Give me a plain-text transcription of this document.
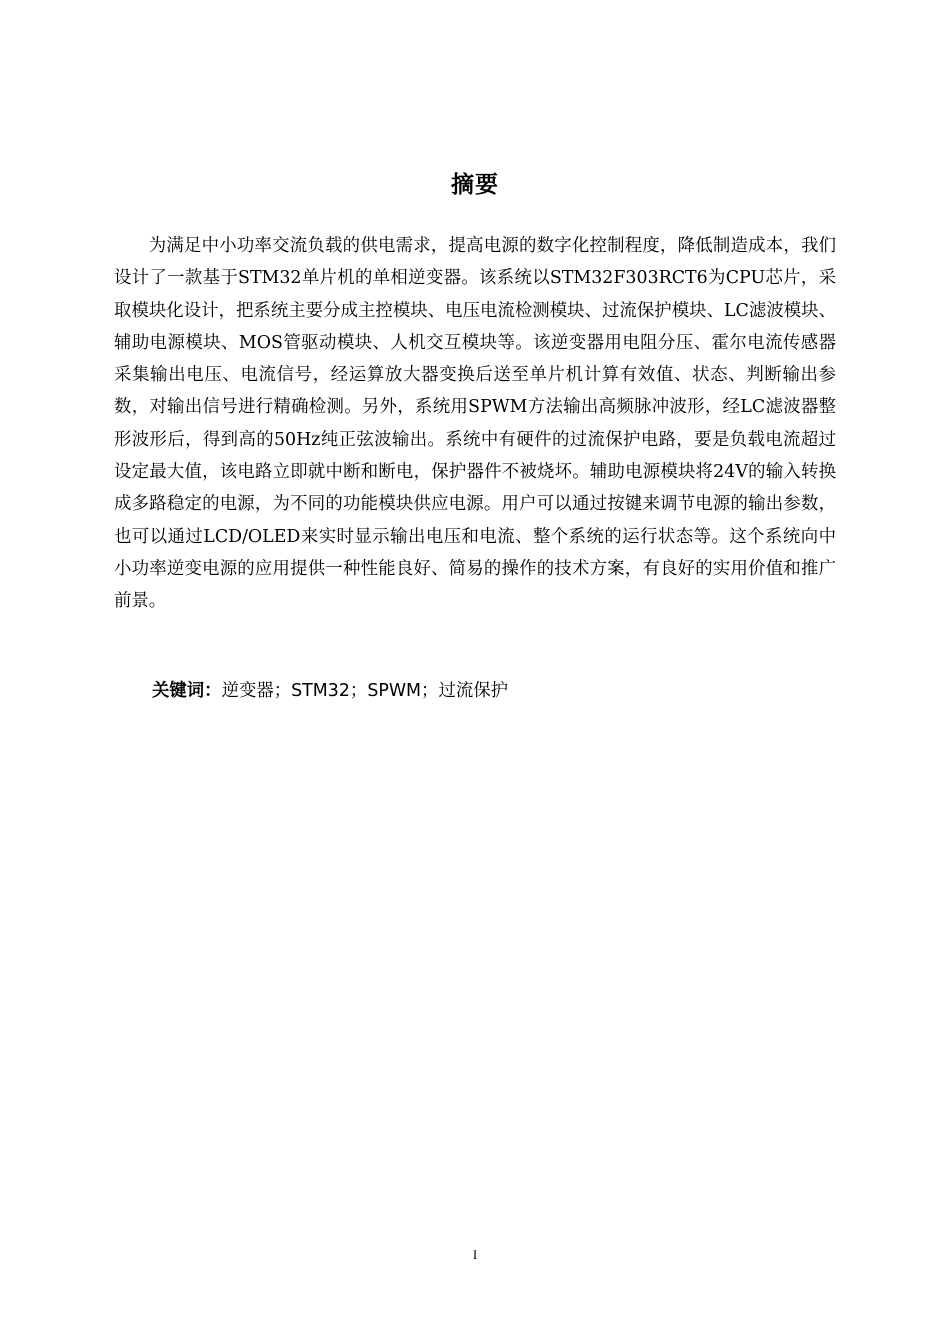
摘要

为满足中小功率交流负载的供电需求，提高电源的数字化控制程度，降低制造成本，我们设计了一款基于STM32单片机的单相逆变器。该系统以STM32F303RCT6为CPU芯片，采取模块化设计，把系统主要分成主控模块、电压电流检测模块、过流保护模块、LC滤波模块、辅助电源模块、MOS管驱动模块、人机交互模块等。该逆变器用电阻分压、霍尔电流传感器采集输出电压、电流信号，经运算放大器变换后送至单片机计算有效值、状态、判断输出参数，对输出信号进行精确检测。另外，系统用SPWM方法输出高频脉冲波形，经LC滤波器整形波形后，得到高的50Hz纯正弦波输出。系统中有硬件的过流保护电路，要是负载电流超过设定最大值，该电路立即就中断和断电，保护器件不被烧坏。辅助电源模块将24V的输入转换成多路稳定的电源，为不同的功能模块供应电源。用户可以通过按键来调节电源的输出参数，也可以通过LCD/OLED来实时显示输出电压和电流、整个系统的运行状态等。这个系统向中小功率逆变电源的应用提供一种性能良好、简易的操作的技术方案，有良好的实用价值和推广前景。

关键词：逆变器；STM32；SPWM；过流保护
I
